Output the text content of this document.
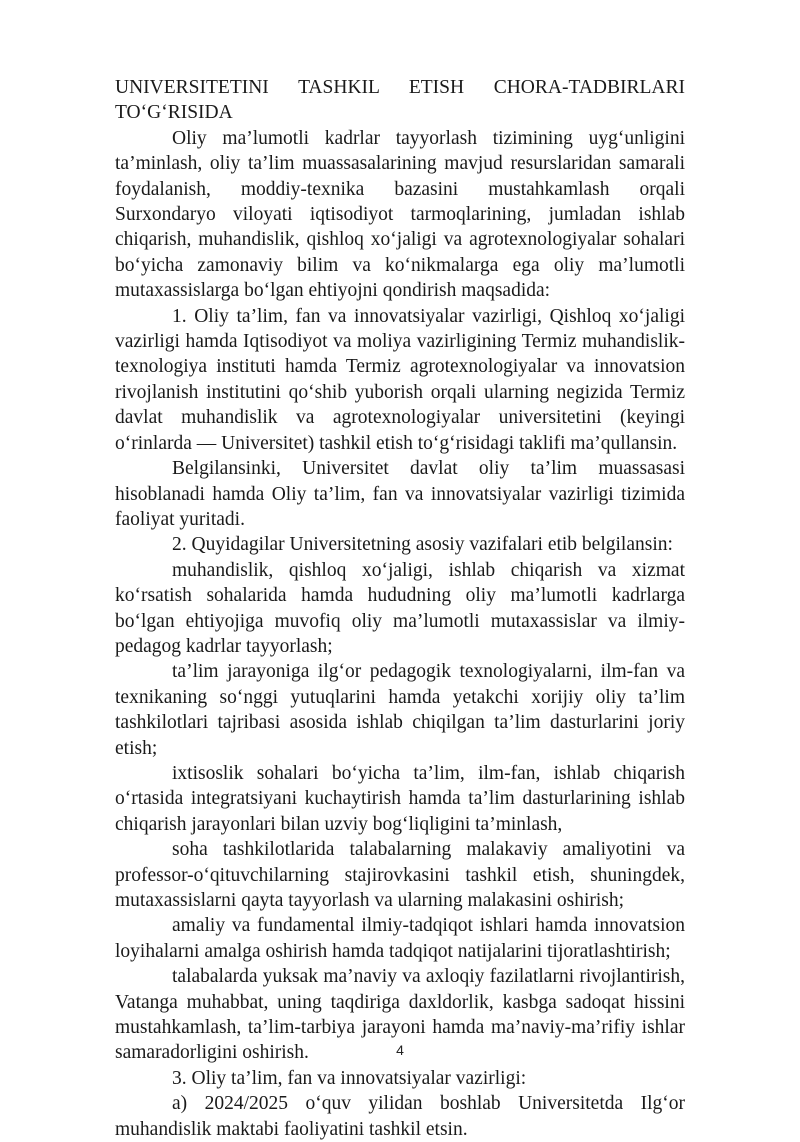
UNIVERSITETINI TASHKIL ETISH CHORA-TADBIRLARI

TO‘G‘RISIDA

Oliy ma’lumotli kadrlar tayyorlash tizimining uyg‘unligini ta’minlash, oliy ta’lim muassasalarining mavjud resurslaridan samarali foydalanish, moddiy-texnika bazasini mustahkamlash orqali Surxondaryo viloyati iqtisodiyot tarmoqlarining, jumladan ishlab chiqarish, muhandislik, qishloq xo‘jaligi va agrotexnologiyalar sohalari bo‘yicha zamonaviy bilim va ko‘nikmalarga ega oliy ma’lumotli mutaxassislarga bo‘lgan ehtiyojni qondirish maqsadida:

1. Oliy ta’lim, fan va innovatsiyalar vazirligi, Qishloq xo‘jaligi vazirligi hamda Iqtisodiyot va moliya vazirligining Termiz muhandislik-texnologiya instituti hamda Termiz agrotexnologiyalar va innovatsion rivojlanish institutini qo‘shib yuborish orqali ularning negizida Termiz davlat muhandislik va agrotexnologiyalar universitetini (keyingi o‘rinlarda — Universitet) tashkil etish to‘g‘risidagi taklifi ma’qullansin.

Belgilansinki, Universitet davlat oliy ta’lim muassasasi hisoblanadi hamda Oliy ta’lim, fan va innovatsiyalar vazirligi tizimida faoliyat yuritadi.

2. Quyidagilar Universitetning asosiy vazifalari etib belgilansin:

muhandislik, qishloq xo‘jaligi, ishlab chiqarish va xizmat ko‘rsatish sohalarida hamda hududning oliy ma’lumotli kadrlarga bo‘lgan ehtiyojiga muvofiq oliy ma’lumotli mutaxassislar va ilmiy-pedagog kadrlar tayyorlash;

ta’lim jarayoniga ilg‘or pedagogik texnologiyalarni, ilm-fan va texnikaning so‘nggi yutuqlarini hamda yetakchi xorijiy oliy ta’lim tashkilotlari tajribasi asosida ishlab chiqilgan ta’lim dasturlarini joriy etish;

ixtisoslik sohalari bo‘yicha ta’lim, ilm-fan, ishlab chiqarish o‘rtasida integratsiyani kuchaytirish hamda ta’lim dasturlarining ishlab chiqarish jarayonlari bilan uzviy bog‘liqligini ta’minlash,

soha tashkilotlarida talabalarning malakaviy amaliyotini va professor-o‘qituvchilarning stajirovkasini tashkil etish, shuningdek, mutaxassislarni qayta tayyorlash va ularning malakasini oshirish;

amaliy va fundamental ilmiy-tadqiqot ishlari hamda innovatsion loyihalarni amalga oshirish hamda tadqiqot natijalarini tijoratlashtirish;

talabalarda yuksak ma’naviy va axloqiy fazilatlarni rivojlantirish, Vatanga muhabbat, uning taqdiriga daxldorlik, kasbga sadoqat hissini mustahkamlash, ta’lim-tarbiya jarayoni hamda ma’naviy-ma’rifiy ishlar samaradorligini oshirish.

3. Oliy ta’lim, fan va innovatsiyalar vazirligi:

a) 2024/2025 o‘quv yilidan boshlab Universitetda Ilg‘or muhandislik maktabi faoliyatini tashkil etsin.

4
